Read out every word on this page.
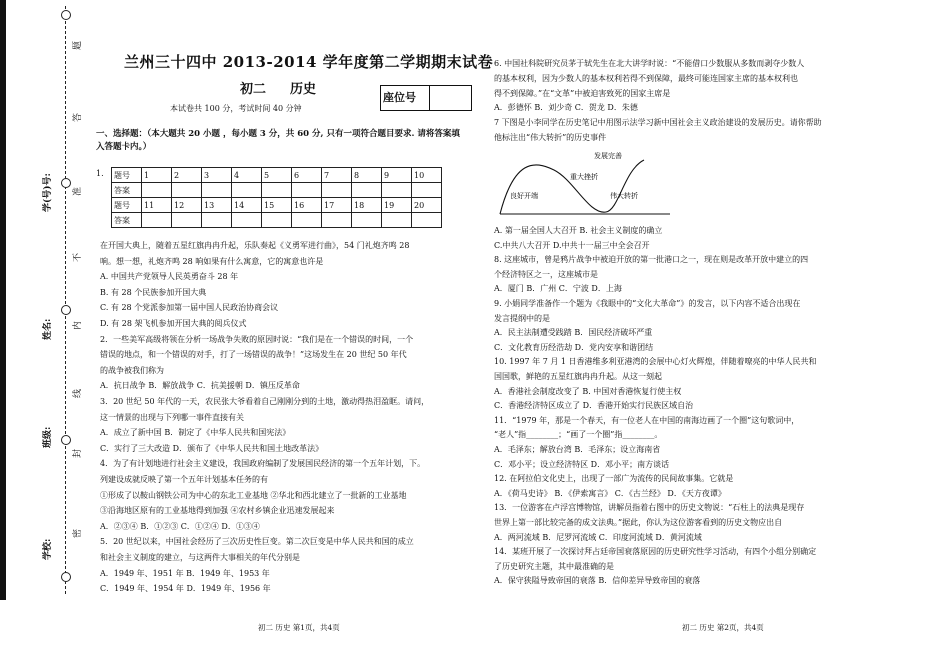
题
答
准
不
内
线
封
密
学(号)号:
姓名:
班级:
学校:
兰州三十四中 2013-2014 学年度第二学期期末试卷
初二 历史
座位号
本试卷共 100 分，考试时间 40 分钟
一、选择题：（本大题共 20 小题 ，每小题 3 分，共 60 分, 只有一项符合题目要求. 请将答案填入答题卡内。）
1. 题号	1	2	3	4	5	6	7	8	9	10
答案										
题号	11	12	13	14	15	16	17	18	19	20
答案										
在开国大典上，随着五星红旗冉冉升起，乐队奏起《义勇军进行曲》，54 门礼炮齐鸣 28
响。想一想，礼炮齐鸣 28 响如果有什么寓意，它的寓意也许是
A. 中国共产党领导人民英勇奋斗 28 年
B. 有 28 个民族参加开国大典
C. 有 28 个党派参加第一届中国人民政治协商会议
D. 有 28 架飞机参加开国大典的阅兵仪式
2．一些美军高级将领在分析一场战争失败的原因时说：“我们是在一个错误的时间，一个
错误的地点，和一个错误的对手，打了一场错误的战争！”这场发生在 20 世纪 50 年代
的战争被我们称为
A．抗日战争 B．解放战争 C．抗美援朝 D．镇压反革命
3．20 世纪 50 年代的一天，农民张大爷看着自己刚刚分到的土地，激动得热泪盈眶。请问，
这一情景的出现与下列哪一事件直接有关
A．成立了新中国 B．制定了《中华人民共和国宪法》
C．实行了三大改造 D．颁布了《中华人民共和国土地改革法》
4．为了有计划地进行社会主义建设，我国政府编制了发展国民经济的第一个五年计划，下。
列建设成就反映了第一个五年计划基本任务的有
①形成了以鞍山钢铁公司为中心的东北工业基地 ②华北和西北建立了一批新的工业基地
③沿海地区原有的工业基地得到加强 ④农村乡镇企业迅速发展起来
A．②③④ B．①②③ C．①②④ D．①③④
5．20 世纪以来，中国社会经历了三次历史性巨变。第二次巨变是中华人民共和国的成立
和社会主义制度的建立，与这两件大事相关的年代分别是
A．1949 年、1951 年 B．1949 年、1953 年
C．1949 年、1954 年 D．1949 年、1956 年
6. 中国社科院研究员茅于轼先生在北大讲学时说：“不能借口少数服从多数而剥夺少数人
的基本权利，因为少数人的基本权利若得不到保障，最终可能连国家主席的基本权利也
得不到保障。”在“文革”中被迫害致死的国家主席是
A．彭德怀 B．刘少奇 C．贺龙 D．朱德
7 下图是小李同学在历史笔记中用图示法学习新中国社会主义政治建设的发展历史。请你帮助
他标注出“伟大转折”的历史事件
发展完善
重大挫折
良好开端	伟大转折
A. 第一届全国人大召开 B. 社会主义制度的确立
C.中共八大召开 D.中共十一届三中全会召开
8. 这座城市，曾是鸦片战争中被迫开放的第一批港口之一，现在则是改革开放中建立的四
个经济特区之一，这座城市是
A．厦门 B．广州 C．宁波 D．上海
9. 小娟同学准备作一个题为《我眼中的“文化大革命”》的发言，以下内容不适合出现在
发言提纲中的是
A．民主法制遭受践踏 B．国民经济破坏严重
C．文化教育历经浩劫 D．党内安享和谐团结
10. 1997 年 7 月 1 日香港维多利亚港湾的会展中心灯火辉煌，伴随着嘹亮的中华人民共和
国国歌，鲜艳的五星红旗冉冉升起。从这一刻起
A．香港社会制度改变了 B. 中国对香港恢复行使主权
C．香港经济特区成立了 D．香港开始实行民族区域自治
11．“1979 年，那是一个春天，有一位老人在中国的南海边画了一个圈”这句歌词中，
“老人”指________；“画了一个圈”指________。
A．毛泽东；解放台湾 B．毛泽东；设立海南省
C．邓小平；设立经济特区 D．邓小平；南方谈话
12. 在阿拉伯文化史上，出现了一部广为流传的民间故事集。它就是
A．《荷马史诗》 B．《伊索寓言》 C．《古兰经》 D．《天方夜谭》
13．一位游客在卢浮宫博物馆，讲解员指着右图中的历史文物说：“石柱上的法典是现存
世界上第一部比较完备的成文法典。”据此，你认为这位游客看到的历史文物应出自
A．两河流域 B．尼罗河流域 C．印度河流域 D．黄河流域
14．某班开展了一次探讨拜占廷帝国衰落原因的历史研究性学习活动，有四个小组分别确定
了历史研究主题，其中最准确的是
A．保守狭隘导致帝国的衰落 B．信仰差异导致帝国的衰落
初二 历史 第1页，共4页	初二 历史 第2页，共4页
